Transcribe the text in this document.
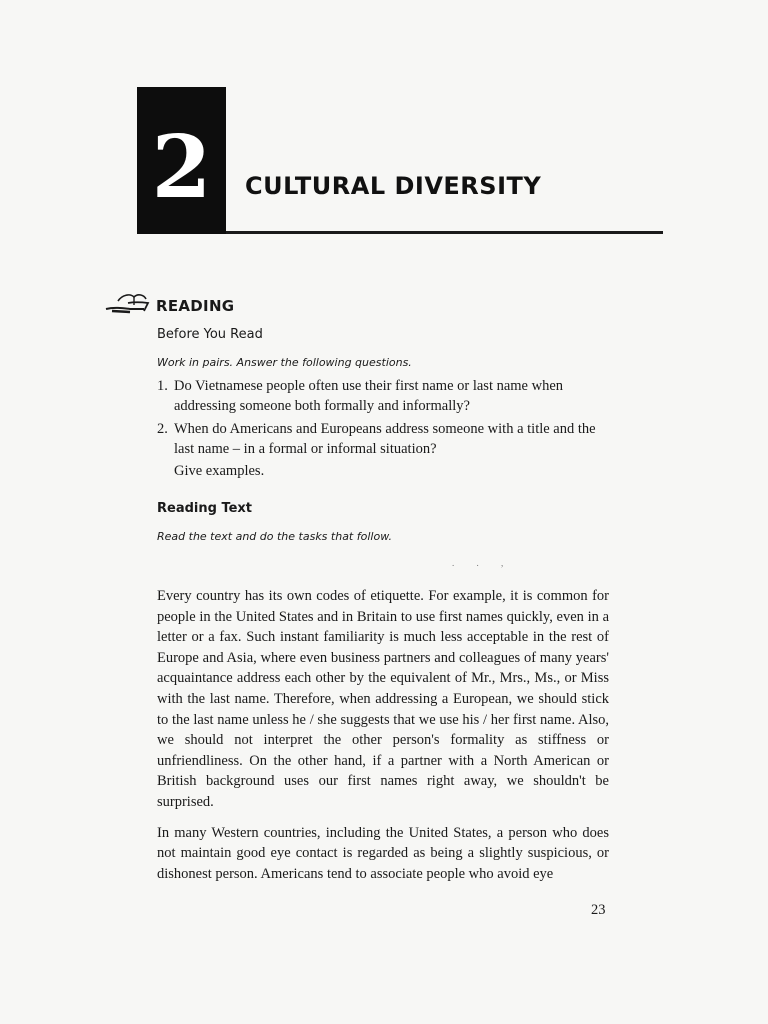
2	CULTURAL DIVERSITY
READING
Before You Read
Work in pairs. Answer the following questions.
1. Do Vietnamese people often use their first name or last name when addressing someone both formally and informally?
2. When do Americans and Europeans address someone with a title and the last name – in a formal or informal situation?
Give examples.
Reading Text
Read the text and do the tasks that follow.
. . ,

Every country has its own codes of etiquette. For example, it is common for people in the United States and in Britain to use first names quickly, even in a letter or a fax. Such instant familiarity is much less acceptable in the rest of Europe and Asia, where even business partners and colleagues of many years' acquaintance address each other by the equivalent of Mr., Mrs., Ms., or Miss with the last name. Therefore, when addressing a European, we should stick to the last name unless he / she suggests that we use his / her first name. Also, we should not interpret the other person's formality as stiffness or unfriendliness. On the other hand, if a partner with a North American or British background uses our first names right away, we shouldn't be surprised.

In many Western countries, including the United States, a person who does not maintain good eye contact is regarded as being a slightly suspicious, or dishonest person. Americans tend to associate people who avoid eye

23
